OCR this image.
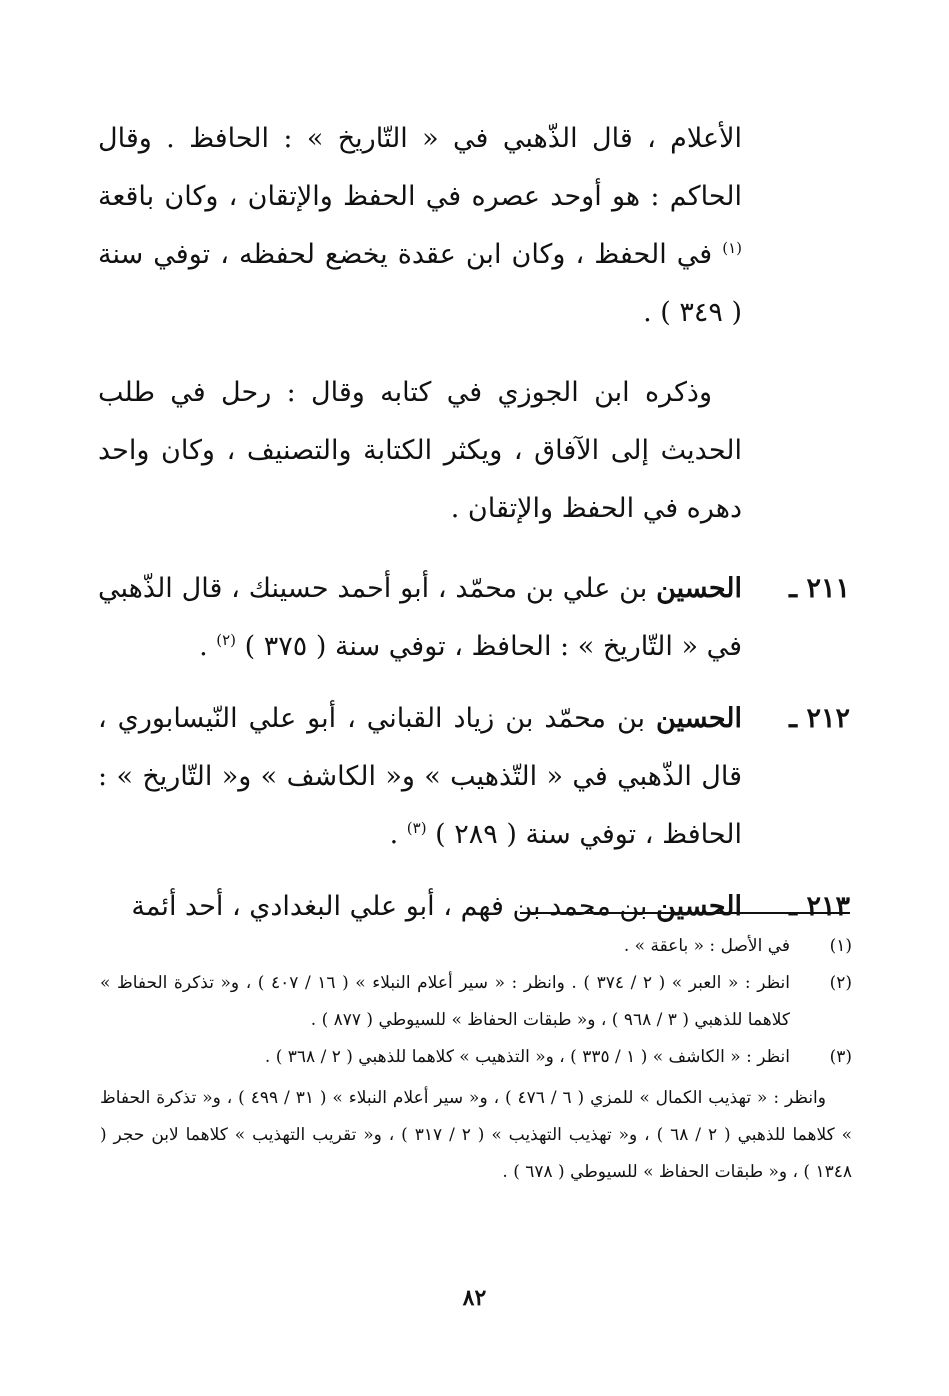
الأعلام ، قال الذّهبي في « التّاريخ » : الحافظ . وقال الحاكم : هو أوحد عصره في الحفظ والإتقان ، وكان باقعة $^{(١)}$ في الحفظ ، وكان ابن عقدة يخضع لحفظه ، توفي سنة ( ٣٤٩ ) .

وذكره ابن الجوزي في كتابه وقال : رحل في طلب الحديث إلى الآفاق ، ويكثر الكتابة والتصنيف ، وكان واحد دهره في الحفظ والإتقان .

٢١١ ـ
الحسين بن علي بن محمّد ، أبو أحمد حسينك ، قال الذّهبي في « التّاريخ » : الحافظ ، توفي سنة ( ٣٧٥ ) $^{(٢)}$ .
٢١٢ ـ
الحسين بن محمّد بن زياد القباني ، أبو علي النّيسابوري ، قال الذّهبي في « التّذهيب » و« الكاشف » و« التّاريخ » : الحافظ ، توفي سنة ( ٢٨٩ ) $^{(٣)}$ .
٢١٣ ـ
الحسين بن محمد بن فهم ، أبو علي البغدادي ، أحد أئمة
(١)
في الأصل : « باعقة » .
(٢)
انظر : « العبر » ( ٢ / ٣٧٤ ) . وانظر : « سير أعلام النبلاء » ( ١٦ / ٤٠٧ ) ، و« تذكرة الحفاظ » كلاهما للذهبي ( ٣ / ٩٦٨ ) ، و« طبقات الحفاظ » للسيوطي ( ٨٧٧ ) .
(٣)
انظر : « الكاشف » ( ١ / ٣٣٥ ) ، و« التذهيب » كلاهما للذهبي ( ٢ / ٣٦٨ ) .
وانظر : « تهذيب الكمال » للمزي ( ٦ / ٤٧٦ ) ، و« سير أعلام النبلاء » ( ٣١ / ٤٩٩ ) ، و« تذكرة الحفاظ » كلاهما للذهبي ( ٢ / ٦٨ ) ، و« تهذيب التهذيب » ( ٢ / ٣١٧ ) ، و« تقريب التهذيب » كلاهما لابن حجر ( ١٣٤٨ ) ، و« طبقات الحفاظ » للسيوطي ( ٦٧٨ ) .
٨٢
